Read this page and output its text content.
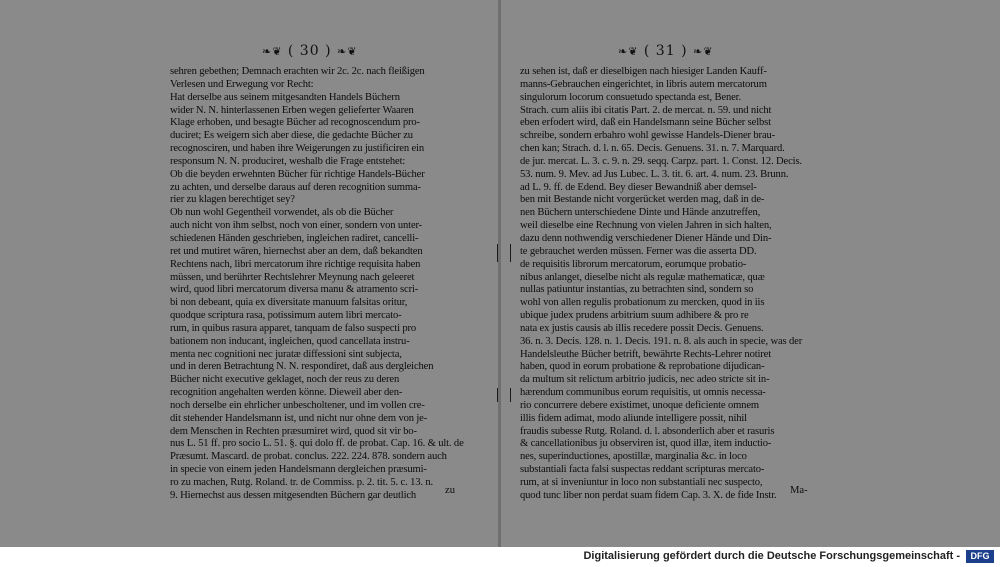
❧❦ ( 30 ) ❧❦	❧❦ ( 31 ) ❧❦
sehren gebethen; Demnach erachten wir 2c. 2c. nach fleißigen
Verlesen und Erwegung vor Recht:
Hat derselbe aus seinem mitgesandten Handels Büchern
wider N. N. hinterlassenen Erben wegen gelieferter Waaren
Klage erhoben, und besagte Bücher ad recognoscendum pro-
duciret; Es weigern sich aber diese, die gedachte Bücher zu
recognosciren, und haben ihre Weigerungen zu justificiren ein
responsum N. N. produciret, weshalb die Frage entstehet:
Ob die beyden erwehnten Bücher für richtige Handels-Bücher
zu achten, und derselbe daraus auf deren recognition summa-
rier zu klagen berechtiget sey?
Ob nun wohl Gegentheil vorwendet, als ob die Bücher
auch nicht von ihm selbst, noch von einer, sondern von unter-
schiedenen Händen geschrieben, ingleichen radiret, cancelli-
ret und mutiret wären, hiernechst aber an dem, daß bekandten
Rechtens nach, libri mercatorum ihre richtige requisita haben
müssen, und berührter Rechtslehrer Meynung nach geleeret
wird, quod libri mercatorum diversa manu & atramento scri-
bi non debeant, quia ex diversitate manuum falsitas oritur,
quodque scriptura rasa, potissimum autem libri mercato-
rum, in quibus rasura apparet, tanquam de falso suspecti pro
bationem non inducant, ingleichen, quod cancellata instru-
menta nec cognitioni nec juratæ diffessioni sint subjecta,
und in deren Betrachtung N. N. respondiret, daß aus dergleichen
Bücher nicht executive geklaget, noch der reus zu deren
recognition angehalten werden könne. Dieweil aber den-
noch derselbe ein ehrlicher unbescholtener, und im vollen cre-
dit stehender Handelsmann ist, und nicht nur ohne dem von je-
dem Menschen in Rechten præsumiret wird, quod sit vir bo-
nus L. 51 ff. pro socio L. 51. §. qui dolo ff. de probat. Cap. 16. & ult. de
Præsumt. Mascard. de probat. conclus. 222. 224. 878. sondern auch
in specie von einem jeden Handelsmann dergleichen præsumi-
ro zu machen, Rutg. Roland. tr. de Commiss. p. 2. tit. 5. c. 13. n.
9. Hiernechst aus dessen mitgesendten Büchern gar deutlich
zu sehen ist, daß er dieselbigen nach hiesiger Landen Kauff-
manns-Gebrauchen eingerichtet, in libris autem mercatorum
singulorum locorum consuetudo spectanda est, Bener.
Strach. cum aliis ibi citatis Part. 2. de mercat. n. 59. und nicht
eben erfodert wird, daß ein Handelsmann seine Bücher selbst
schreibe, sondern erbahro wohl gewisse Handels-Diener brau-
chen kan; Strach. d. l. n. 65. Decis. Genuens. 31. n. 7. Marquard.
de jur. mercat. L. 3. c. 9. n. 29. seqq. Carpz. part. 1. Const. 12. Decis.
53. num. 9. Mev. ad Jus Lubec. L. 3. tit. 6. art. 4. num. 23. Brunn.
ad L. 9. ff. de Edend. Bey dieser Bewandniß aber demsel-
ben mit Bestande nicht vorgerücket werden mag, daß in de-
nen Büchern unterschiedene Dinte und Hände anzutreffen,
weil dieselbe eine Rechnung von vielen Jahren in sich halten,
dazu denn nothwendig verschiedener Diener Hände und Din-
te gebrauchet werden müssen. Ferner was die asserta DD.
de requisitis librorum mercatorum, eorumque probatio-
nibus anlanget, dieselbe nicht als regulæ mathematicæ, quæ
nullas patiuntur instantias, zu betrachten sind, sondern so
wohl von allen regulis probationum zu mercken, quod in iis
ubique judex prudens arbitrium suum adhibere & pro re
nata ex justis causis ab illis recedere possit Decis. Genuens.
36. n. 3. Decis. 128. n. 1. Decis. 191. n. 8. als auch in specie, was der
Handelsleuthe Bücher betrift, bewährte Rechts-Lehrer notiret
haben, quod in eorum probatione & reprobatione dijudican-
da multum sit relictum arbitrio judicis, nec adeo stricte sit in-
hærendum communibus eorum requisitis, ut omnis necessa-
rio concurrere debere existimet, unoque deficiente omnem
illis fidem adimat, modo aliunde intelligere possit, nihil
fraudis subesse Rutg. Roland. d. l. absonderlich aber et rasuris
& cancellationibus ju observiren ist, quod illæ, item inductio-
nes, superinductiones, apostillæ, marginalia &c. in loco
substantiali facta falsi suspectas reddant scripturas mercato-
rum, at si inveniuntur in loco non substantiali nec suspecto,
quod tunc liber non perdat suam fidem Cap. 3. X. de fide Instr.
zu	Ma-
Digitalisierung gefördert durch die Deutsche Forschungsgemeinschaft -	DFG
